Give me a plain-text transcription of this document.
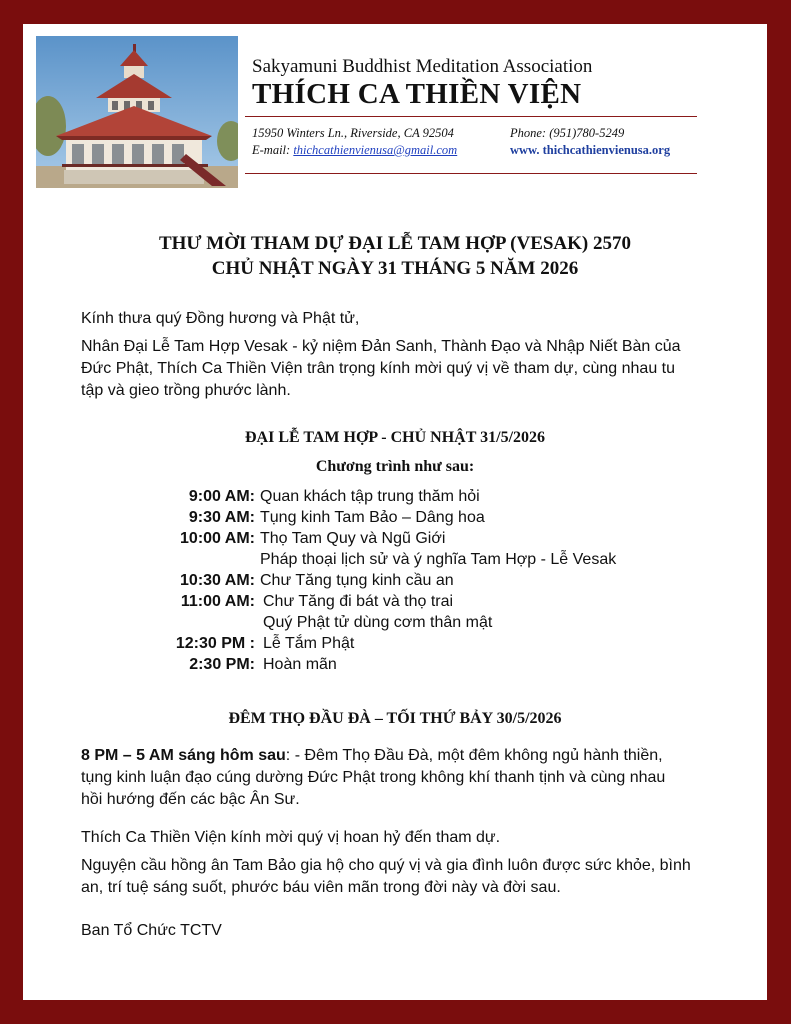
Sakyamuni Buddhist Meditation Association
THÍCH CA THIỀN VIỆN
15950 Winters Ln., Riverside, CA 92504	Phone: (951)780-5249
E-mail: thichcathienvienusa@gmail.com	www. thichcathienvienusa.org
THƯ MỜI THAM DỰ ĐẠI LỄ TAM HỢP (VESAK) 2570
CHỦ NHẬT NGÀY 31 THÁNG 5 NĂM 2026
Kính thưa quý Đồng hương và Phật tử,
Nhân Đại Lễ Tam Hợp Vesak - kỷ niệm Đản Sanh, Thành Đạo và Nhập Niết Bàn của
Đức Phật, Thích Ca Thiền Viện trân trọng kính mời quý vị về tham dự, cùng nhau tu
tập và gieo trồng phước lành.
ĐẠI LỄ TAM HỢP - CHỦ NHẬT 31/5/2026
Chương trình như sau:
9:00 AM: Quan khách tập trung thăm hỏi
9:30 AM: Tụng kinh Tam Bảo – Dâng hoa
10:00 AM: Thọ Tam Quy và Ngũ Giới
Pháp thoại lịch sử và ý nghĩa Tam Hợp - Lễ Vesak
10:30 AM: Chư Tăng tụng kinh cầu an
11:00 AM: Chư Tăng đi bát và thọ trai
Quý Phật tử dùng cơm thân mật
12:30 PM : Lễ Tắm Phật
2:30 PM: Hoàn mãn
ĐÊM THỌ ĐẦU ĐÀ – TỐI THỨ BẢY 30/5/2026
8 PM – 5 AM sáng hôm sau: - Đêm Thọ Đầu Đà, một đêm không ngủ hành thiền,
tụng kinh luận đạo cúng dường Đức Phật trong không khí thanh tịnh và cùng nhau
hồi hướng đến các bậc Ân Sư.
Thích Ca Thiền Viện kính mời quý vị hoan hỷ đến tham dự.
Nguyện cầu hồng ân Tam Bảo gia hộ cho quý vị và gia đình luôn được sức khỏe, bình
an, trí tuệ sáng suốt, phước báu viên mãn trong đời này và đời sau.
Ban Tổ Chức TCTV
